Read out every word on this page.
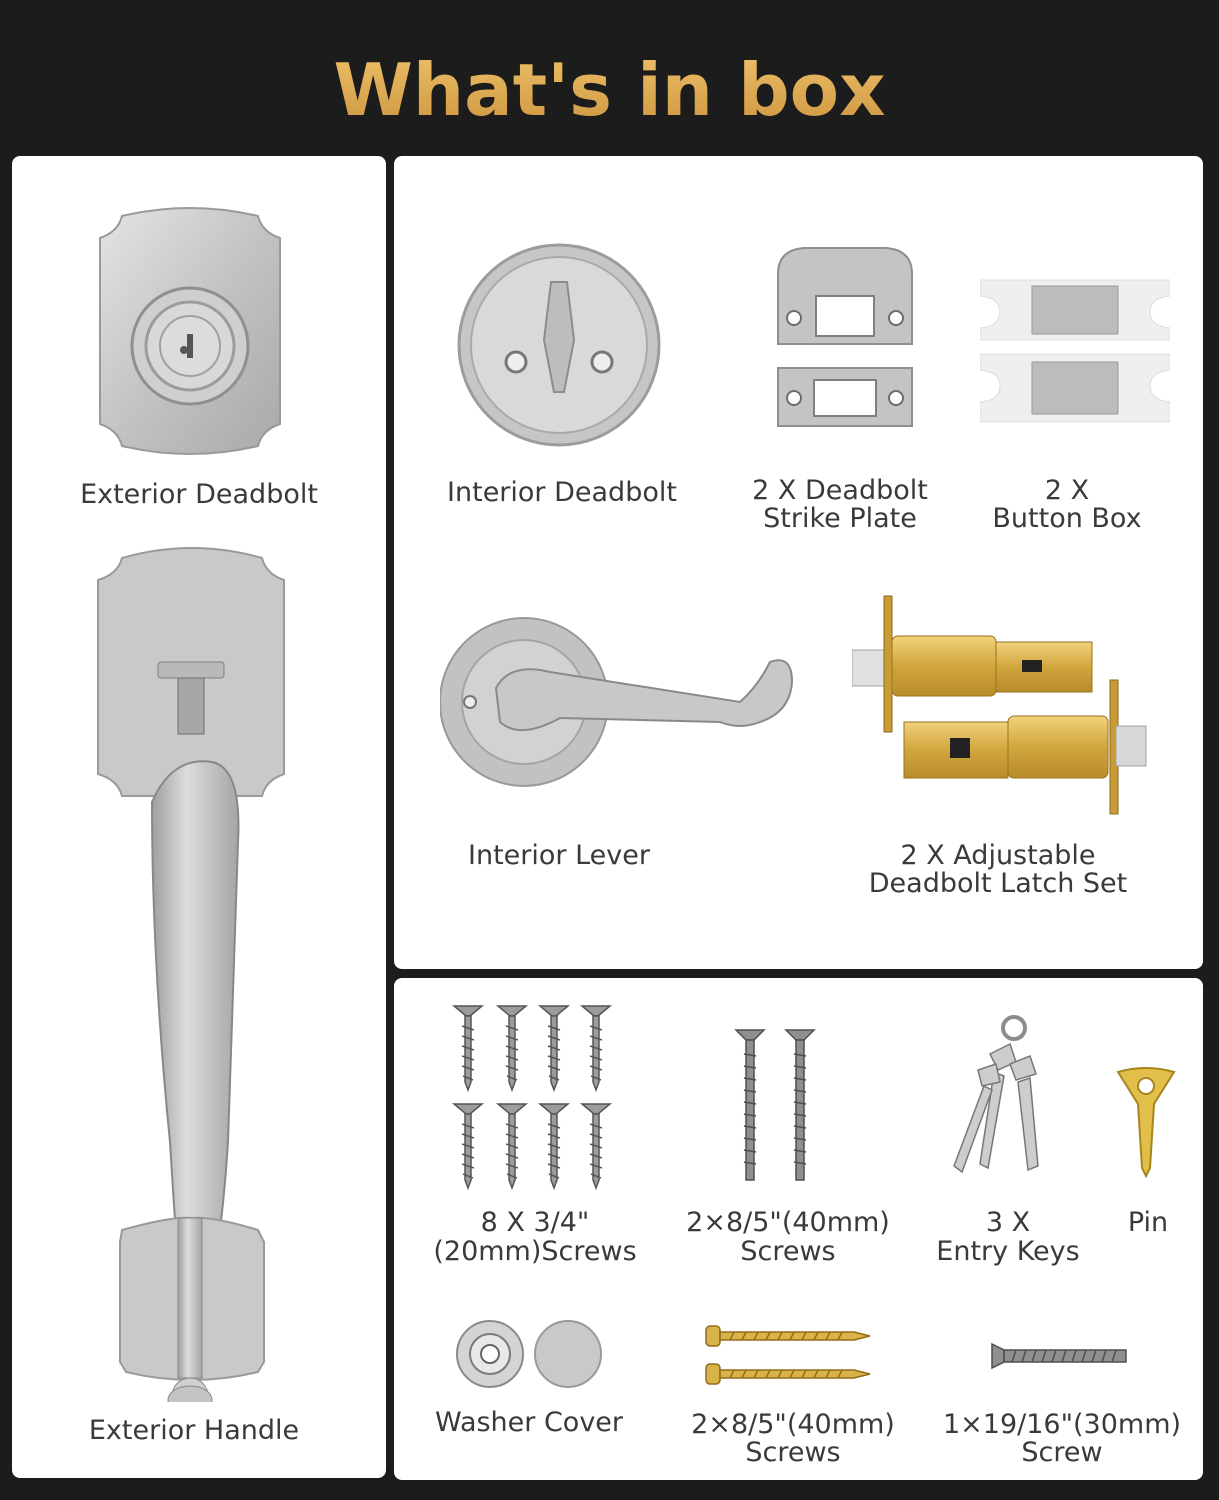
What's in box
Exterior Deadbolt
Exterior Handle
Interior Deadbolt	2 X Deadbolt
Strike Plate
2 X
Button Box
Interior Lever	2 X Adjustable
Deadbolt Latch Set
8 X 3/4"
(20mm)Screws
2×8/5"(40mm)
Screws
3 X
Entry Keys
Pin
Washer Cover	2×8/5"(40mm)
Screws
1×19/16"(30mm)
Screw
